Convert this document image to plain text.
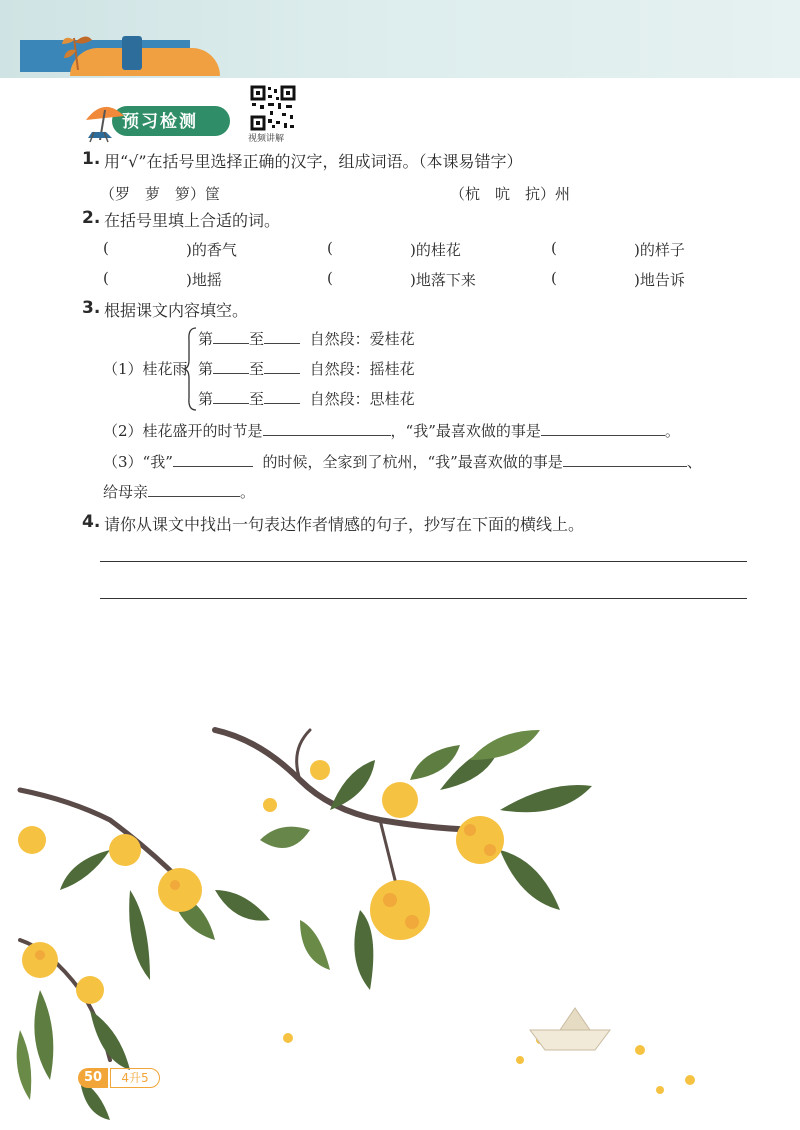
预习检测
视频讲解
1. 用“√”在括号里选择正确的汉字，组成词语。（本课易错字）
（罗　萝　箩）筐	（杭　吭　抗）州
2. 在括号里填上合适的词。
(	)的香气	(	)的桂花	(	)的样子
(	)地摇	(	)地落下来	(	)地告诉
3. 根据课文内容填空。
（1）桂花雨
第 至	自然段：爱桂花
第 至	自然段：摇桂花
第 至	自然段：思桂花
（2）桂花盛开的时节是	，“我”最喜欢做的事是	。
（3）“我”	的时候，全家到了杭州，“我”最喜欢做的事是	、
给母亲	。
4. 请你从课文中找出一句表达作者情感的句子，抄写在下面的横线上。
50	4升5
